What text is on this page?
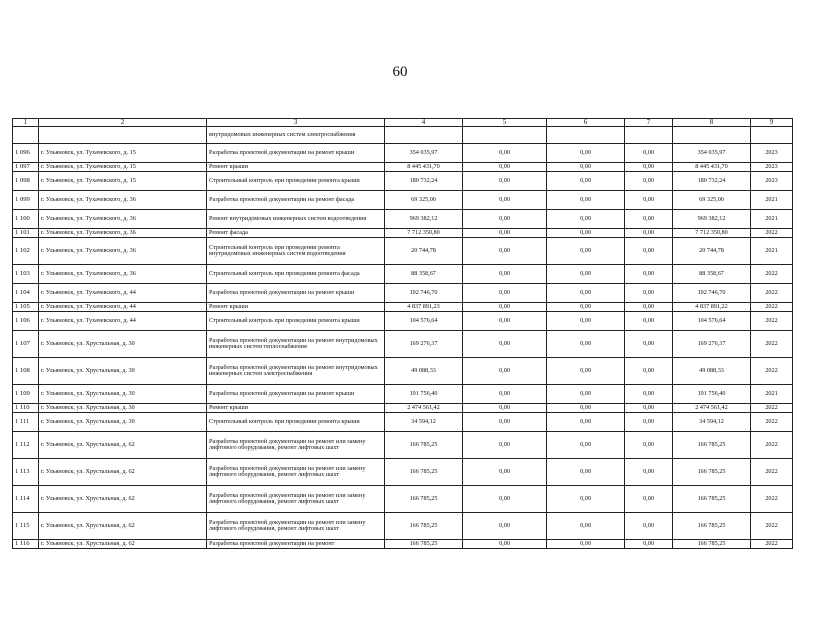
60
1	2	3	4	5	6	7	8	9
		внутридомовых инженерных систем электроснабжения						
1 096	г. Ульяновск, ул. Тухачевского, д. 15	Разработка проектной документации на ремонт крыши	354 035,97	0,00	0,00	0,00	354 035,97	2023
1 097	г. Ульяновск, ул. Тухачевского, д. 15	Ремонт крыши	8 445 431,70	0,00	0,00	0,00	8 445 431,70	2023
1 098	г. Ульяновск, ул. Тухачевского, д. 15	Строительный контроль при проведении ремонта крыши	180 732,24	0,00	0,00	0,00	180 732,24	2023
1 099	г. Ульяновск, ул. Тухачевского, д. 36	Разработка проектной документации на ремонт фасада	69 325,00	0,00	0,00	0,00	69 325,00	2021
1 100	г. Ульяновск, ул. Тухачевского, д. 36	Ремонт внутридомовых инженерных систем водоотведения	969 382,12	0,00	0,00	0,00	969 382,12	2021
1 101	г. Ульяновск, ул. Тухачевского, д. 36	Ремонт фасада	7 712 350,80	0,00	0,00	0,00	7 712 350,80	2022
1 102	г. Ульяновск, ул. Тухачевского, д. 36	Строительный контроль при проведении ремонта внутридомовых инженерных систем водоотведения	20 744,78	0,00	0,00	0,00	20 744,78	2021
1 103	г. Ульяновск, ул. Тухачевского, д. 36	Строительный контроль при проведении ремонта фасада	88 358,67	0,00	0,00	0,00	88 358,67	2022
1 104	г. Ульяновск, ул. Тухачевского, д. 44	Разработка проектной документации на ремонт крыши	192 746,70	0,00	0,00	0,00	192 746,70	2022
1 105	г. Ульяновск, ул. Тухачевского, д. 44	Ремонт крыши	4 837 891,23	0,00	0,00	0,00	4 837 891,22	2022
1 106	г. Ульяновск, ул. Тухачевского, д. 44	Строительный контроль при проведении ремонта крыши	104 576,64	0,00	0,00	0,00	104 576,64	2022
1 107	г. Ульяновск, ул. Хрустальная, д. 30	Разработка проектной документации на ремонт внутридомовых инженерных систем теплоснабжения	169 276,37	0,00	0,00	0,00	169 276,37	2022
1 108	г. Ульяновск, ул. Хрустальная, д. 30	Разработка проектной документации на ремонт внутридомовых инженерных систем электроснабжения	49 088,33	0,00	0,00	0,00	49 088,33	2022
1 109	г. Ульяновск, ул. Хрустальная, д. 30	Разработка проектной документации на ремонт крыши	191 756,40	0,00	0,00	0,00	191 756,40	2021
1 110	г. Ульяновск, ул. Хрустальная, д. 30	Ремонт крыши	2 474 561,42	0,00	0,00	0,00	2 474 561,42	2022
1 111	г. Ульяновск, ул. Хрустальная, д. 30	Строительный контроль при проведении ремонта крыши	34 594,12	0,00	0,00	0,00	34 594,12	2022
1 112	г. Ульяновск, ул. Хрустальная, д. 62	Разработка проектной документации на ремонт или замену лифтового оборудования, ремонт лифтовых шахт	166 785,25	0,00	0,00	0,00	166 785,25	2022
1 113	г. Ульяновск, ул. Хрустальная, д. 62	Разработка проектной документации на ремонт или замену лифтового оборудования, ремонт лифтовых шахт	166 785,25	0,00	0,00	0,00	166 785,25	2022
1 114	г. Ульяновск, ул. Хрустальная, д. 62	Разработка проектной документации на ремонт или замену лифтового оборудования, ремонт лифтовых шахт	166 785,25	0,00	0,00	0,00	166 785,25	2022
1 115	г. Ульяновск, ул. Хрустальная, д. 62	Разработка проектной документации на ремонт или замену лифтового оборудования, ремонт лифтовых шахт	166 785,25	0,00	0,00	0,00	166 785,25	2022
1 116	г. Ульяновск, ул. Хрустальная, д. 62	Разработка проектной документации на ремонт	166 785,25	0,00	0,00	0,00	166 785,25	2022
